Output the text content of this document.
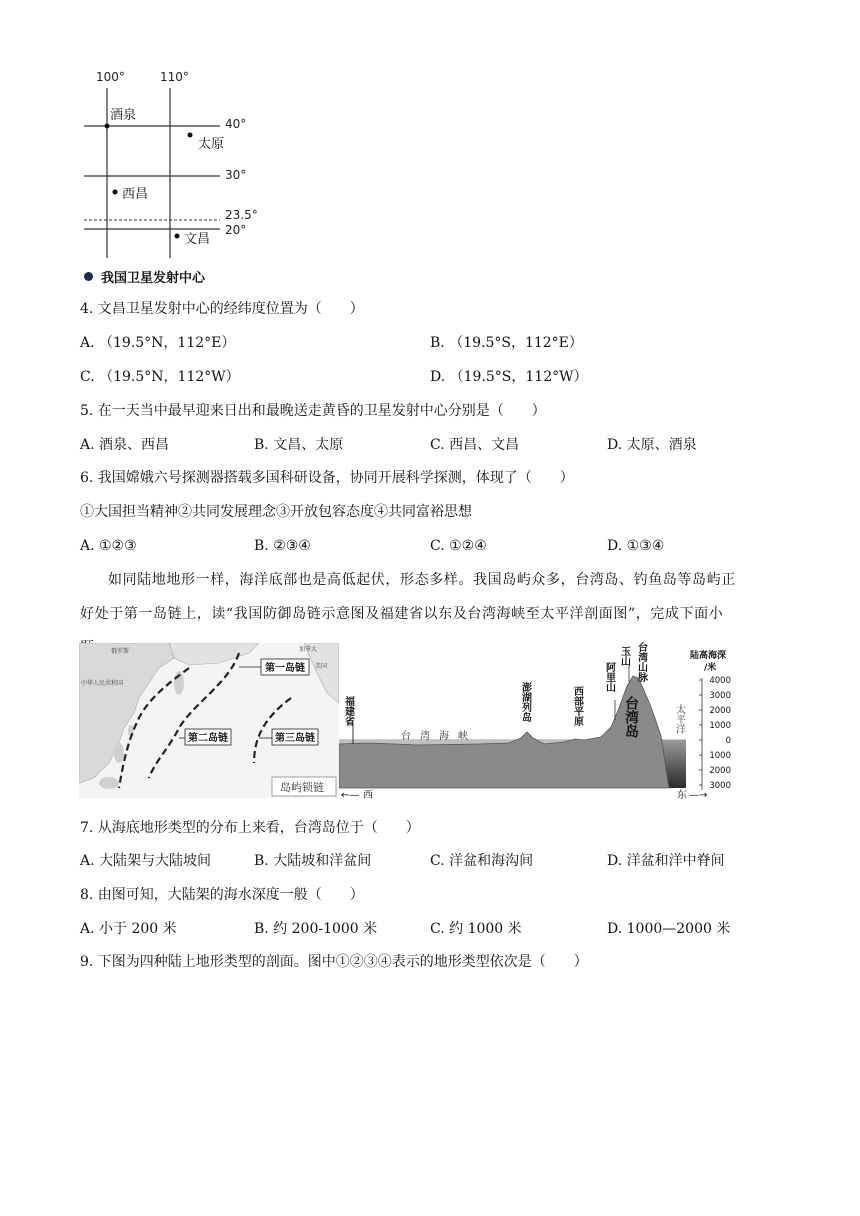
100°	110°
40°
30°
23.5°
20°
酒泉
太原
西昌
文昌
我国卫星发射中心
4. 文昌卫星发射中心的经纬度位置为（　　）
A. （19.5°N，112°E）	B. （19.5°S，112°E）
C. （19.5°N，112°W）	D. （19.5°S，112°W）
5. 在一天当中最早迎来日出和最晚送走黄昏的卫星发射中心分别是（　　）
A. 酒泉、西昌	B. 文昌、太原	C. 西昌、文昌	D. 太原、酒泉
6. 我国嫦娥六号探测器搭载多国科研设备，协同开展科学探测，体现了（　　）
①大国担当精神②共同发展理念③开放包容态度④共同富裕思想
A. ①②③	B. ②③④	C. ①②④	D. ①③④
如同陆地地形一样，海洋底部也是高低起伏，形态多样。我国岛屿众多，台湾岛、钓鱼岛等岛屿正好处于第一岛链上，读“我国防御岛链示意图及福建省以东及台湾海峡至太平洋剖面图”，完成下面小
第一岛链
第二岛链	第三岛链
俄罗斯	加拿大
美国
中华人民共和国
岛屿锁链
福建省
台湾海峡
澎湖列岛	西部平原
阿里山
玉山 台湾山脉
台湾岛	太平洋
陆高海深
/米
4000
3000
2000
1000
0
1000
2000
3000
←— 西	东 —→
7. 从海底地形类型的分布上来看，台湾岛位于（　　）
A. 大陆架与大陆坡间	B. 大陆坡和洋盆间	C. 洋盆和海沟间	D. 洋盆和洋中脊间
8. 由图可知，大陆架的海水深度一般（　　）
A. 小于 200 米	B. 约 200-1000 米	C. 约 1000 米	D. 1000—2000 米
9. 下图为四种陆上地形类型的剖面。图中①②③④表示的地形类型依次是（　　）
